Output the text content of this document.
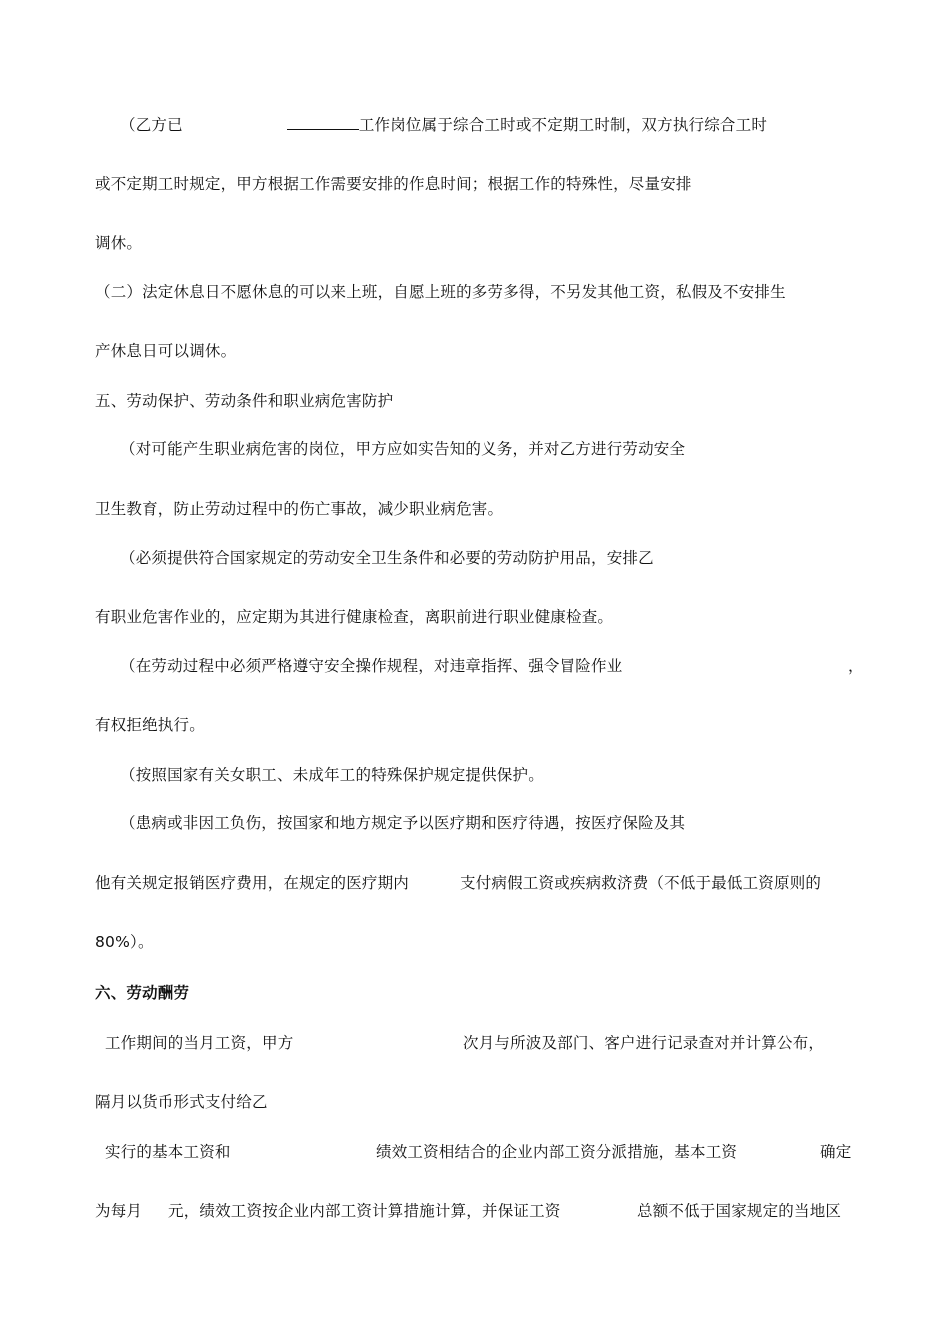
（乙方已	工作岗位属于综合工时或不定期工时制，双方执行综合工时
或不定期工时规定，甲方根据工作需要安排的作息时间；根据工作的特殊性，尽量安排
调休。
（二）法定休息日不愿休息的可以来上班，自愿上班的多劳多得，不另发其他工资，私假及不安排生
产休息日可以调休。
五、劳动保护、劳动条件和职业病危害防护
（对可能产生职业病危害的岗位，甲方应如实告知的义务，并对乙方进行劳动安全
卫生教育，防止劳动过程中的伤亡事故，减少职业病危害。
（必须提供符合国家规定的劳动安全卫生条件和必要的劳动防护用品，安排乙
有职业危害作业的，应定期为其进行健康检查，离职前进行职业健康检查。
（在劳动过程中必须严格遵守安全操作规程，对违章指挥、强令冒险作业	，
有权拒绝执行。
（按照国家有关女职工、未成年工的特殊保护规定提供保护。
（患病或非因工负伤，按国家和地方规定予以医疗期和医疗待遇，按医疗保险及其
他有关规定报销医疗费用，在规定的医疗期内	支付病假工资或疾病救济费（不低于最低工资原则的
80%）。
六、劳动酬劳
工作期间的当月工资，甲方	次月与所波及部门、客户进行记录查对并计算公布，
隔月以货币形式支付给乙
实行的基本工资和	绩效工资相结合的企业内部工资分派措施，基本工资	确定
为每月 元，绩效工资按企业内部工资计算措施计算，并保证工资	总额不低于国家规定的当地区
